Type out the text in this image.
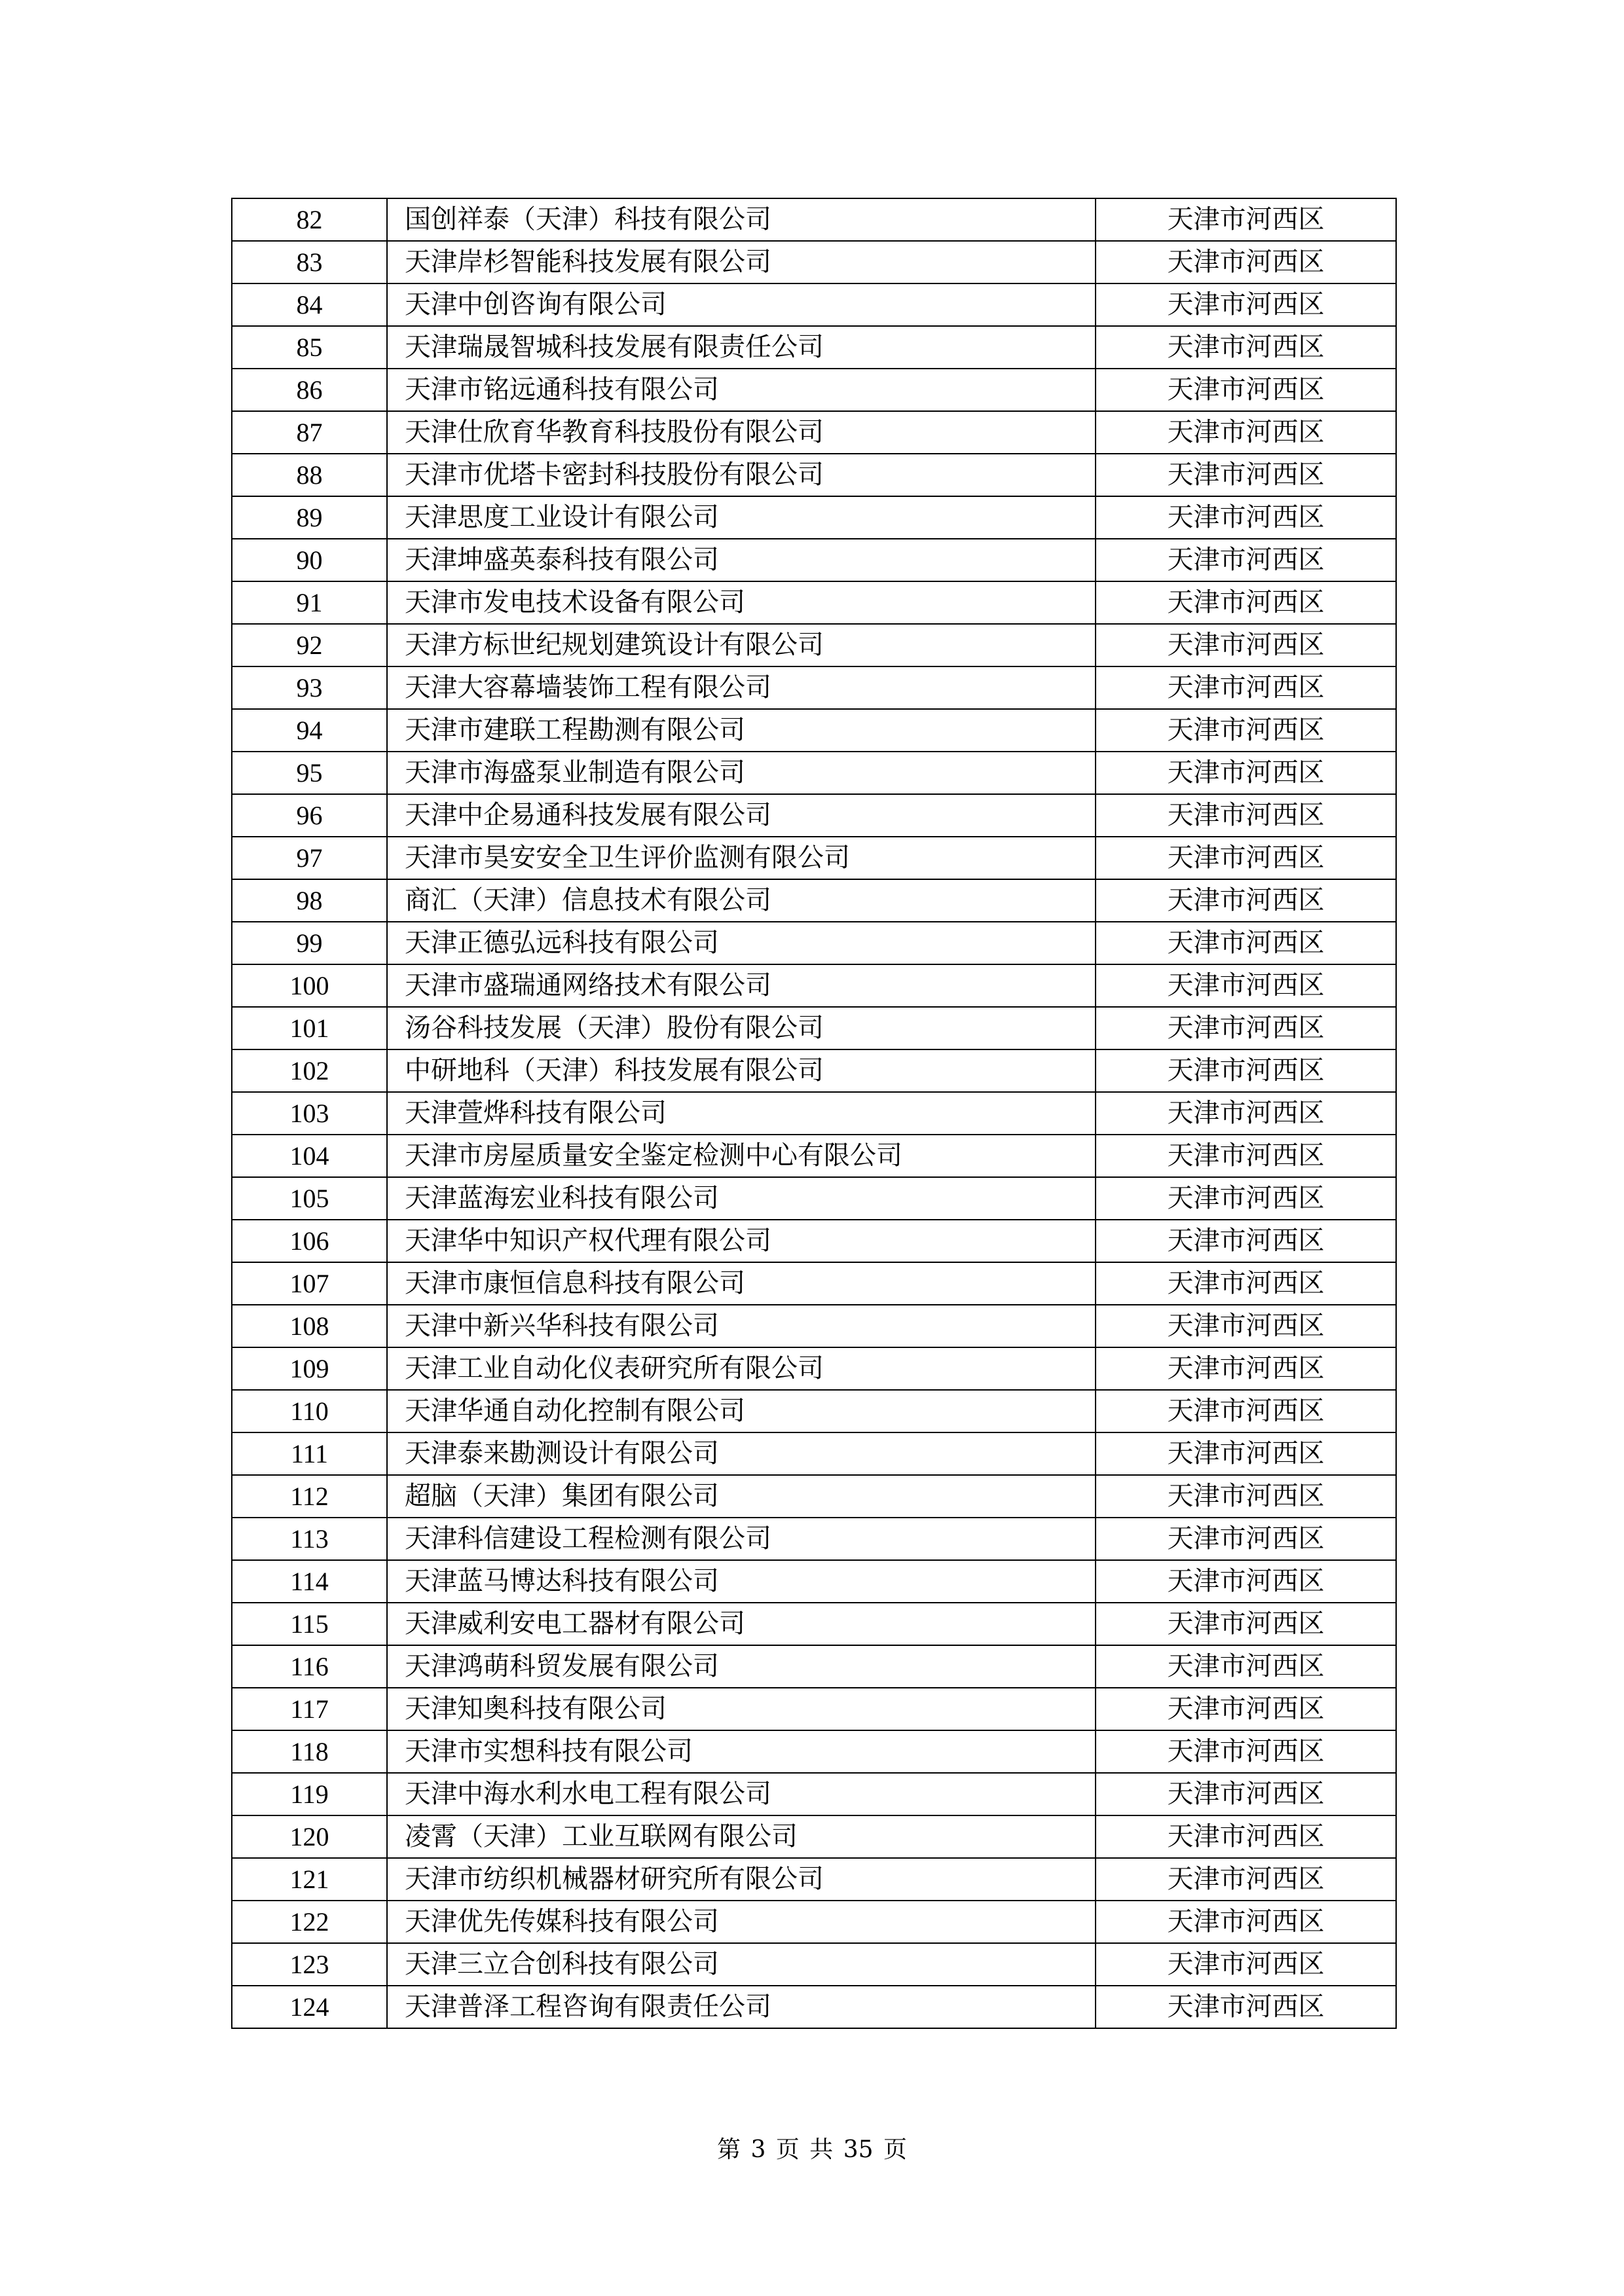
82	国创祥泰（天津）科技有限公司	天津市河西区
83	天津岸杉智能科技发展有限公司	天津市河西区
84	天津中创咨询有限公司	天津市河西区
85	天津瑞晟智城科技发展有限责任公司	天津市河西区
86	天津市铭远通科技有限公司	天津市河西区
87	天津仕欣育华教育科技股份有限公司	天津市河西区
88	天津市优塔卡密封科技股份有限公司	天津市河西区
89	天津思度工业设计有限公司	天津市河西区
90	天津坤盛英泰科技有限公司	天津市河西区
91	天津市发电技术设备有限公司	天津市河西区
92	天津方标世纪规划建筑设计有限公司	天津市河西区
93	天津大容幕墙装饰工程有限公司	天津市河西区
94	天津市建联工程勘测有限公司	天津市河西区
95	天津市海盛泵业制造有限公司	天津市河西区
96	天津中企易通科技发展有限公司	天津市河西区
97	天津市昊安安全卫生评价监测有限公司	天津市河西区
98	商汇（天津）信息技术有限公司	天津市河西区
99	天津正德弘远科技有限公司	天津市河西区
100	天津市盛瑞通网络技术有限公司	天津市河西区
101	汤谷科技发展（天津）股份有限公司	天津市河西区
102	中研地科（天津）科技发展有限公司	天津市河西区
103	天津萱烨科技有限公司	天津市河西区
104	天津市房屋质量安全鉴定检测中心有限公司	天津市河西区
105	天津蓝海宏业科技有限公司	天津市河西区
106	天津华中知识产权代理有限公司	天津市河西区
107	天津市康恒信息科技有限公司	天津市河西区
108	天津中新兴华科技有限公司	天津市河西区
109	天津工业自动化仪表研究所有限公司	天津市河西区
110	天津华通自动化控制有限公司	天津市河西区
111	天津泰来勘测设计有限公司	天津市河西区
112	超脑（天津）集团有限公司	天津市河西区
113	天津科信建设工程检测有限公司	天津市河西区
114	天津蓝马博达科技有限公司	天津市河西区
115	天津威利安电工器材有限公司	天津市河西区
116	天津鸿萌科贸发展有限公司	天津市河西区
117	天津知奥科技有限公司	天津市河西区
118	天津市实想科技有限公司	天津市河西区
119	天津中海水利水电工程有限公司	天津市河西区
120	凌霄（天津）工业互联网有限公司	天津市河西区
121	天津市纺织机械器材研究所有限公司	天津市河西区
122	天津优先传媒科技有限公司	天津市河西区
123	天津三立合创科技有限公司	天津市河西区
124	天津普泽工程咨询有限责任公司	天津市河西区
第 3 页 共 35 页
